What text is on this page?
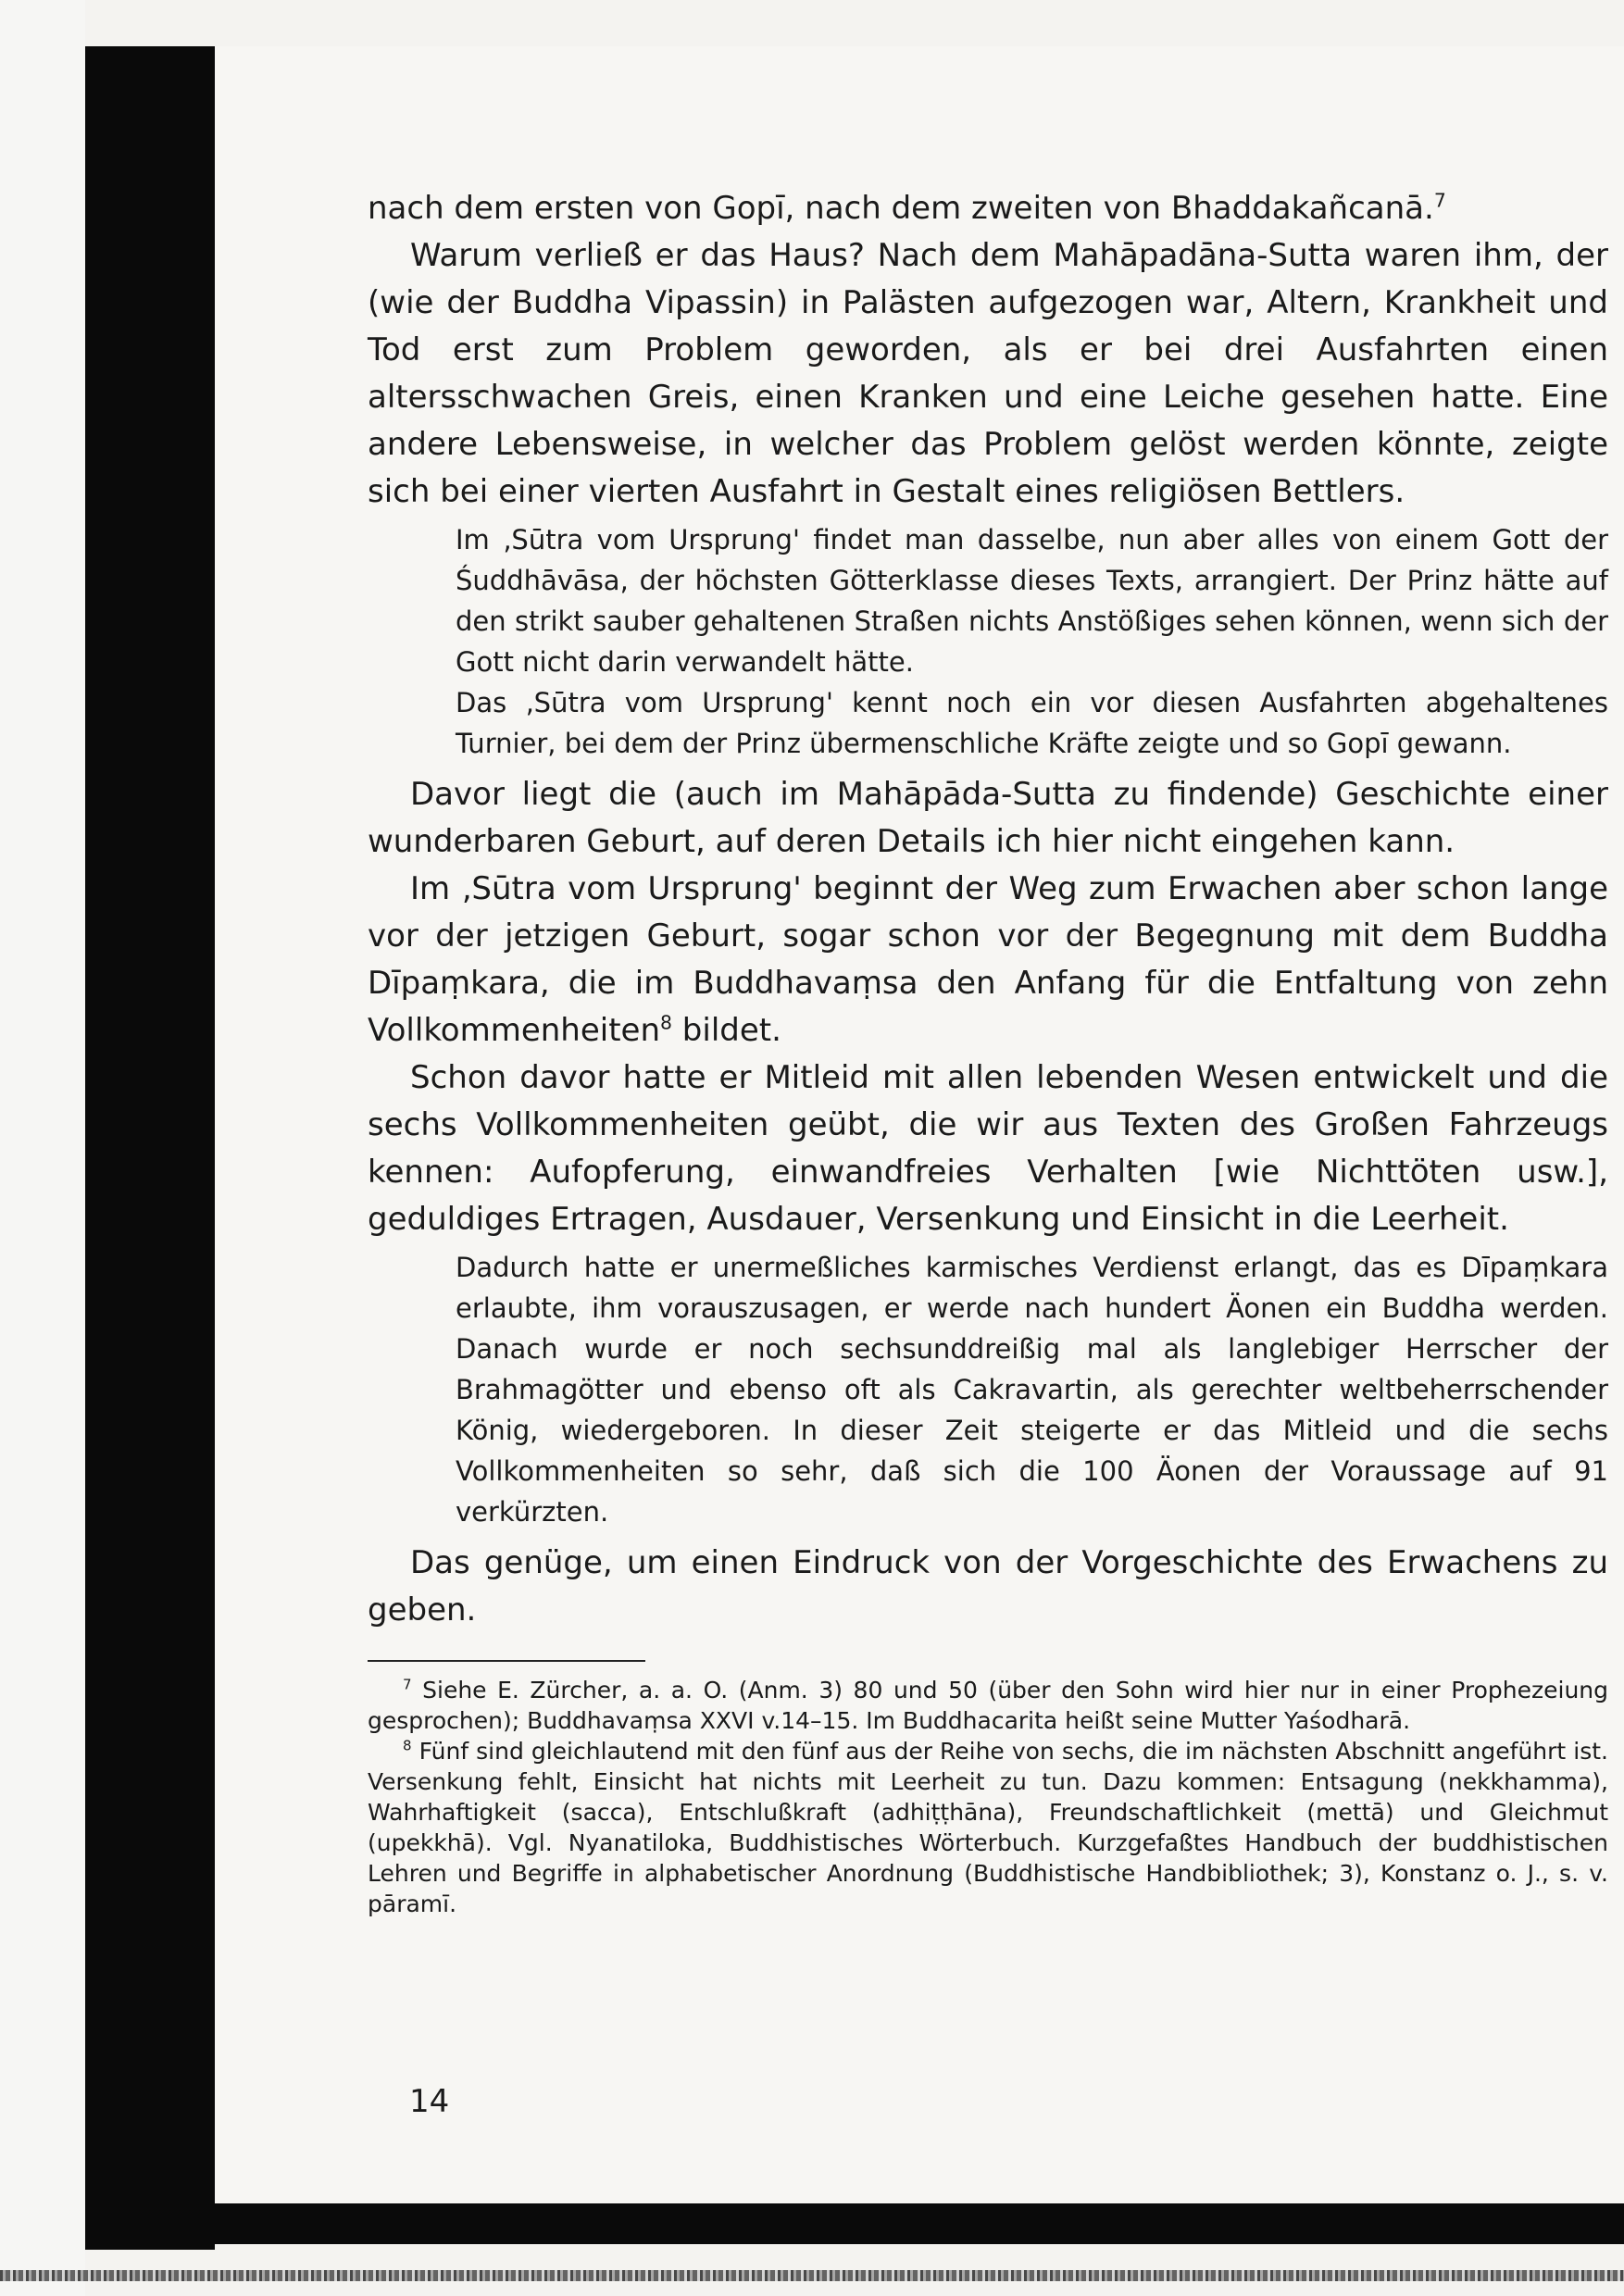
nach dem ersten von Gopī, nach dem zweiten von Bhaddakañcanā.$^7$

Warum verließ er das Haus? Nach dem Mahāpadāna-Sutta waren ihm, der (wie der Buddha Vipassin) in Palästen aufgezogen war, Altern, Krankheit und Tod erst zum Problem geworden, als er bei drei Ausfahrten einen altersschwachen Greis, einen Kranken und eine Leiche gesehen hatte. Eine andere Lebensweise, in welcher das Problem gelöst werden könnte, zeigte sich bei einer vierten Ausfahrt in Gestalt eines religiösen Bettlers.

Im ‚Sūtra vom Ursprung' findet man dasselbe, nun aber alles von einem Gott der Śuddhāvāsa, der höchsten Götterklasse dieses Texts, arrangiert. Der Prinz hätte auf den strikt sauber gehaltenen Straßen nichts Anstößiges sehen können, wenn sich der Gott nicht darin verwandelt hätte.

Das ‚Sūtra vom Ursprung' kennt noch ein vor diesen Ausfahrten abgehaltenes Turnier, bei dem der Prinz übermenschliche Kräfte zeigte und so Gopī gewann.

Davor liegt die (auch im Mahāpāda-Sutta zu findende) Geschichte einer wunderbaren Geburt, auf deren Details ich hier nicht eingehen kann.

Im ‚Sūtra vom Ursprung' beginnt der Weg zum Erwachen aber schon lange vor der jetzigen Geburt, sogar schon vor der Begegnung mit dem Buddha Dīpaṃkara, die im Buddhavaṃsa den Anfang für die Entfaltung von zehn Vollkommenheiten$^8$ bildet.

Schon davor hatte er Mitleid mit allen lebenden Wesen entwickelt und die sechs Vollkommenheiten geübt, die wir aus Texten des Großen Fahrzeugs kennen: Aufopferung, einwandfreies Verhalten [wie Nichttöten usw.], geduldiges Ertragen, Ausdauer, Versenkung und Einsicht in die Leerheit.

Dadurch hatte er unermeßliches karmisches Verdienst erlangt, das es Dīpaṃkara erlaubte, ihm vorauszusagen, er werde nach hundert Äonen ein Buddha werden. Danach wurde er noch sechsunddreißig mal als langlebiger Herrscher der Brahmagötter und ebenso oft als Cakravartin, als gerechter weltbeherrschender König, wiedergeboren. In dieser Zeit steigerte er das Mitleid und die sechs Vollkommenheiten so sehr, daß sich die 100 Äonen der Voraussage auf 91 verkürzten.

Das genüge, um einen Eindruck von der Vorgeschichte des Erwachens zu geben.

$^7$ Siehe E. Zürcher, a. a. O. (Anm. 3) 80 und 50 (über den Sohn wird hier nur in einer Prophezeiung gesprochen); Buddhavaṃsa XXVI v.14–15. Im Buddhacarita heißt seine Mutter Yaśodharā.

$^8$ Fünf sind gleichlautend mit den fünf aus der Reihe von sechs, die im nächsten Abschnitt angeführt ist. Versenkung fehlt, Einsicht hat nichts mit Leerheit zu tun. Dazu kommen: Entsagung (nekkhamma), Wahrhaftigkeit (sacca), Entschlußkraft (adhiṭṭhāna), Freundschaftlichkeit (mettā) und Gleichmut (upekkhā). Vgl. Nyanatiloka, Buddhistisches Wörterbuch. Kurzgefaßtes Handbuch der buddhistischen Lehren und Begriffe in alphabetischer Anordnung (Buddhistische Handbibliothek; 3), Konstanz o. J., s. v. pāramī.

14
